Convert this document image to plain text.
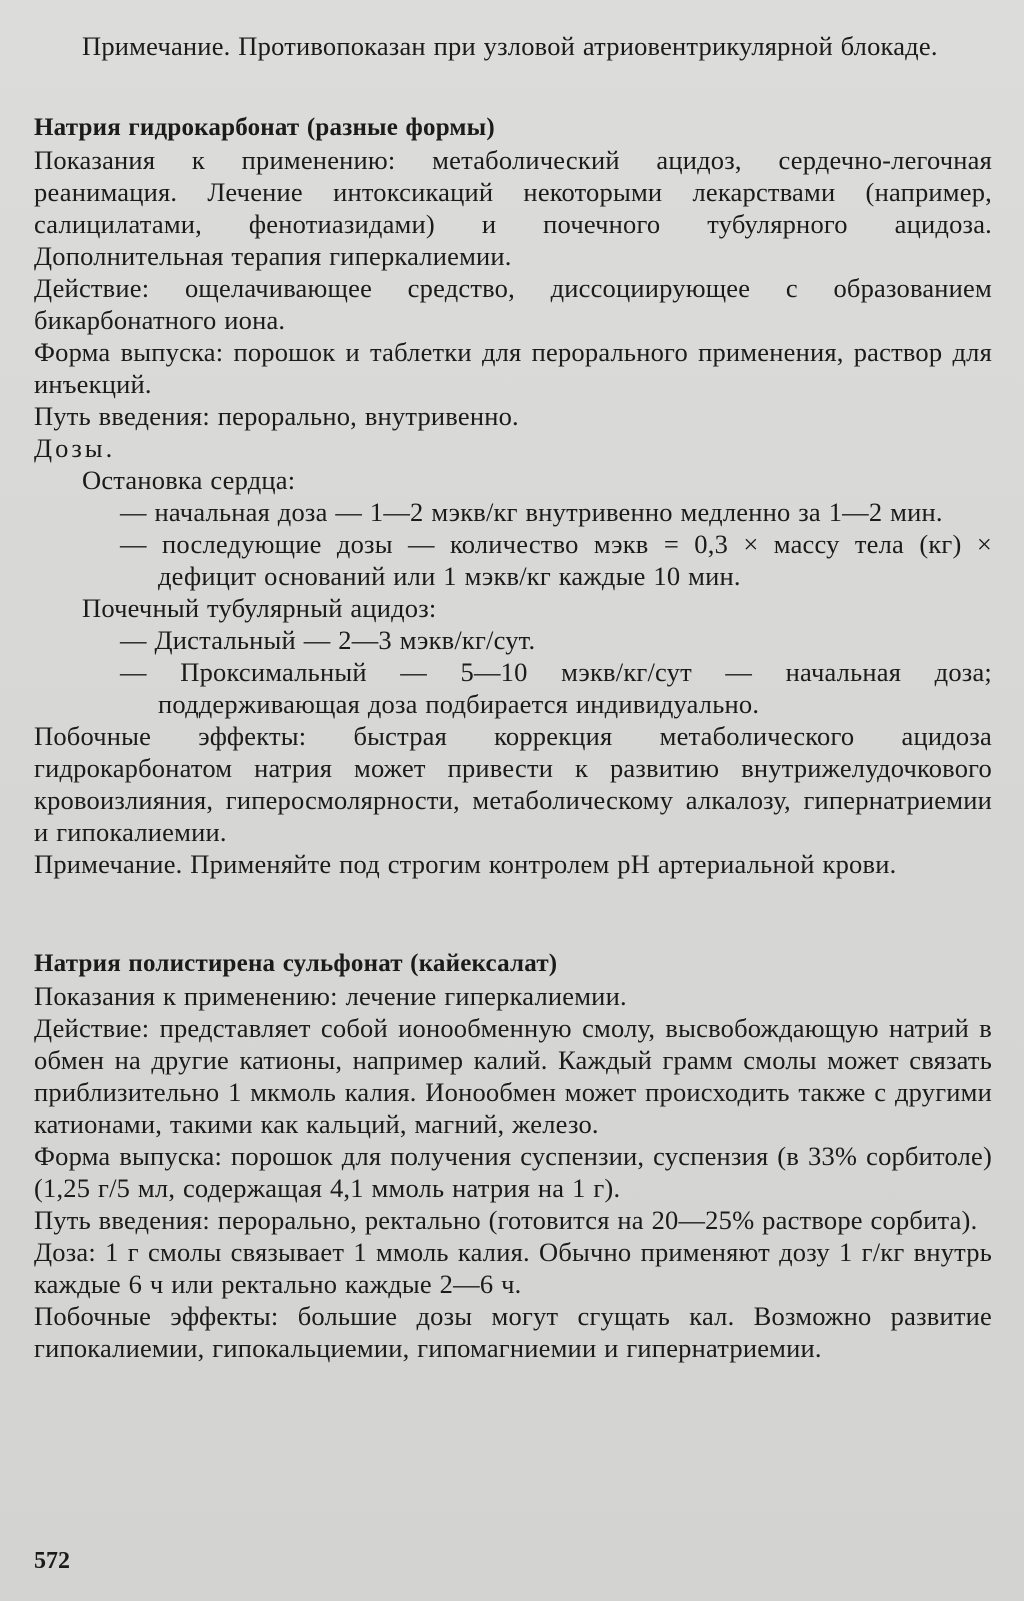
Примечание. Противопоказан при узловой атриовентрикулярной блокаде.

Натрия гидрокарбонат (разные формы)

Показания к применению: метаболический ацидоз, сердечно-легочная реанимация. Лечение интоксикаций некоторыми лекарствами (например, салицилатами, фенотиазидами) и почечного тубулярного ацидоза. Дополнительная терапия гиперкалиемии.

Действие: ощелачивающее средство, диссоциирующее с образованием бикарбонатного иона.

Форма выпуска: порошок и таблетки для перорального применения, раствор для инъекций.

Путь введения: перорально, внутривенно.

Дозы.

Остановка сердца:

— начальная доза — 1—2 мэкв/кг внутривенно медленно за 1—2 мин.

— последующие дозы — количество мэкв = 0,3 × массу тела (кг) × дефицит оснований или 1 мэкв/кг каждые 10 мин.

Почечный тубулярный ацидоз:

— Дистальный — 2—3 мэкв/кг/сут.

— Проксимальный — 5—10 мэкв/кг/сут — начальная доза; поддерживающая доза подбирается индивидуально.

Побочные эффекты: быстрая коррекция метаболического ацидоза гидрокарбонатом натрия может привести к развитию внутрижелудочкового кровоизлияния, гиперосмолярности, метаболическому алкалозу, гипернатриемии и гипокалиемии.

Примечание. Применяйте под строгим контролем pH артериальной крови.

Натрия полистирена сульфонат (кайексалат)

Показания к применению: лечение гиперкалиемии.

Действие: представляет собой ионообменную смолу, высвобождающую натрий в обмен на другие катионы, например калий. Каждый грамм смолы может связать приблизительно 1 мкмоль калия. Ионообмен может происходить также с другими катионами, такими как кальций, магний, железо.

Форма выпуска: порошок для получения суспензии, суспензия (в 33% сорбитоле) (1,25 г/5 мл, содержащая 4,1 ммоль натрия на 1 г).

Путь введения: перорально, ректально (готовится на 20—25% растворе сорбита).

Доза: 1 г смолы связывает 1 ммоль калия. Обычно применяют дозу 1 г/кг внутрь каждые 6 ч или ректально каждые 2—6 ч.

Побочные эффекты: большие дозы могут сгущать кал. Возможно развитие гипокалиемии, гипокальциемии, гипомагниемии и гипернатриемии.

572
